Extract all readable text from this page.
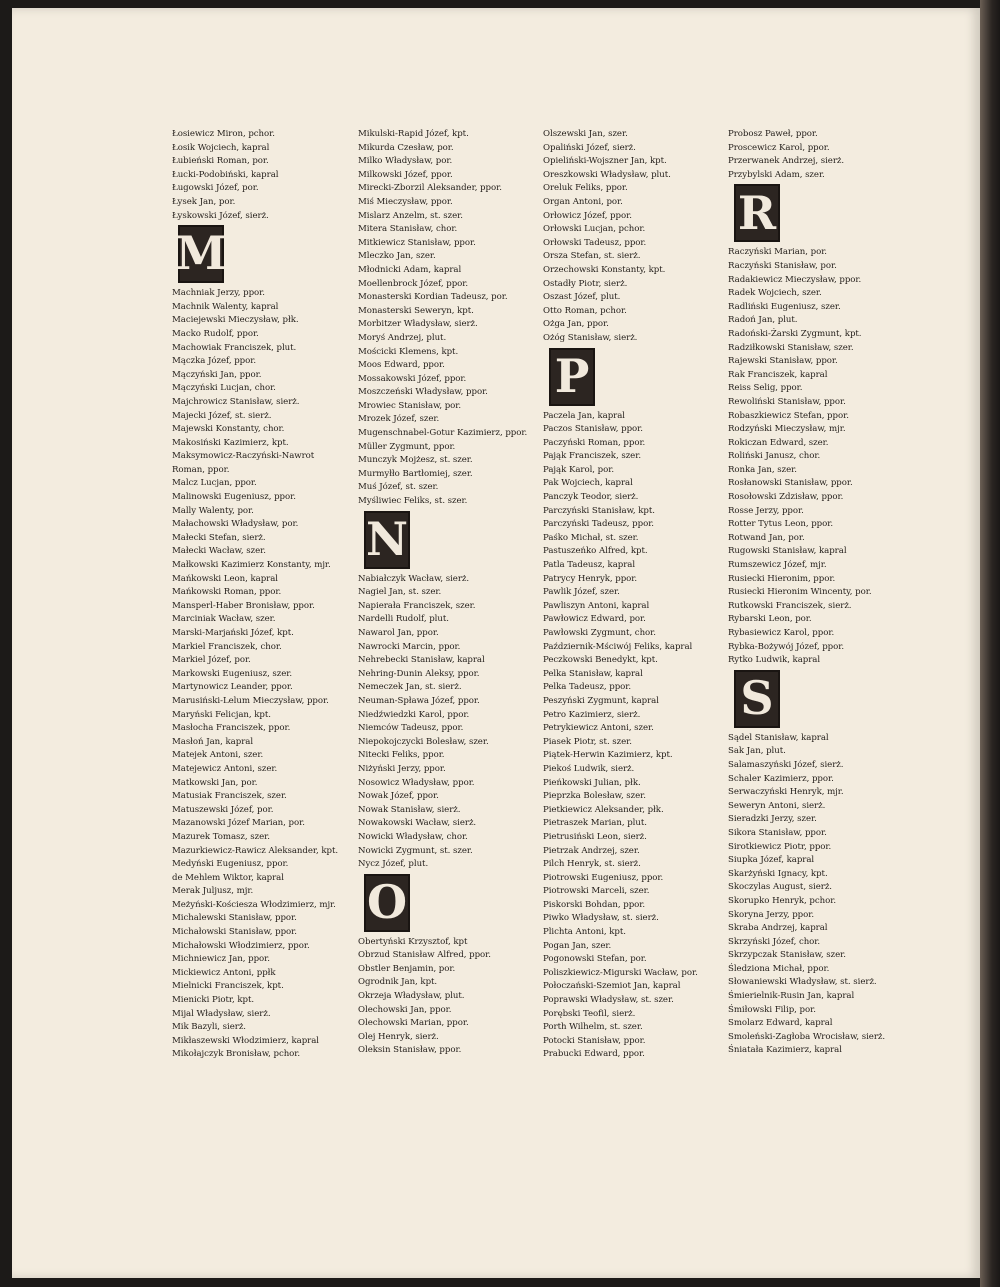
Łosiewicz Miron, pchor.
Łosik Wojciech, kapral
Łubieński Roman, por.
Łucki-Podobiński, kapral
Ługowski Józef, por.
Łysek Jan, por.
Łyskowski Józef, sierż.
M
Machniak Jerzy, ppor.
Machnik Walenty, kapral
Maciejewski Mieczysław, płk.
Macko Rudolf, ppor.
Machowiak Franciszek, plut.
Mączka Józef, ppor.
Mączyński Jan, ppor.
Mączyński Lucjan, chor.
Majchrowicz Stanisław, sierż.
Majecki Józef, st. sierż.
Majewski Konstanty, chor.
Makosiński Kazimierz, kpt.
Maksymowicz-Raczyński-Nawrot
Roman, ppor.
Malcz Lucjan, ppor.
Malinowski Eugeniusz, ppor.
Mally Walenty, por.
Małachowski Władysław, por.
Małecki Stefan, sierż.
Małecki Wacław, szer.
Małkowski Kazimierz Konstanty, mjr.
Mańkowski Leon, kapral
Mańkowski Roman, ppor.
Mansperl-Haber Bronisław, ppor.
Marciniak Wacław, szer.
Marski-Marjański Józef, kpt.
Markiel Franciszek, chor.
Markiel Józef, por.
Markowski Eugeniusz, szer.
Martynowicz Leander, ppor.
Marusiński-Lelum Mieczysław, ppor.
Maryński Felicjan, kpt.
Masłocha Franciszek, ppor.
Masłoń Jan, kapral
Matejek Antoni, szer.
Matejewicz Antoni, szer.
Matkowski Jan, por.
Matusiak Franciszek, szer.
Matuszewski Józef, por.
Mazanowski Józef Marian, por.
Mazurek Tomasz, szer.
Mazurkiewicz-Rawicz Aleksander, kpt.
Medyński Eugeniusz, ppor.
de Mehlem Wiktor, kapral
Merak Juljusz, mjr.
Meżyński-Kościesza Włodzimierz, mjr.
Michalewski Stanisław, ppor.
Michałowski Stanisław, ppor.
Michałowski Włodzimierz, ppor.
Michniewicz Jan, ppor.
Mickiewicz Antoni, ppłk
Mielnicki Franciszek, kpt.
Mienicki Piotr, kpt.
Mijal Władysław, sierż.
Mik Bazyli, sierż.
Mikłaszewski Włodzimierz, kapral
Mikołajczyk Bronisław, pchor.
Mikulski-Rapid Józef, kpt.
Mikurda Czesław, por.
Milko Władysław, por.
Milkowski Józef, ppor.
Mirecki-Zborzil Aleksander, ppor.
Miś Mieczysław, ppor.
Mislarz Anzelm, st. szer.
Mitera Stanisław, chor.
Mitkiewicz Stanisław, ppor.
Mleczko Jan, szer.
Młodnicki Adam, kapral
Moellenbrock Józef, ppor.
Monasterski Kordian Tadeusz, por.
Monasterski Seweryn, kpt.
Morbitzer Władysław, sierż.
Moryś Andrzej, plut.
Mościcki Klemens, kpt.
Moos Edward, ppor.
Mossakowski Józef, ppor.
Moszczeński Władysław, ppor.
Mrowiec Stanisław, por.
Mrozek Józef, szer.
Mugenschnabel-Gotur Kazimierz, ppor.
Müller Zygmunt, ppor.
Munczyk Mojżesz, st. szer.
Murmyłło Bartłomiej, szer.
Muś Józef, st. szer.
Myśliwiec Feliks, st. szer.
N
Nabiałczyk Wacław, sierż.
Nagiel Jan, st. szer.
Napierała Franciszek, szer.
Nardelli Rudolf, plut.
Nawarol Jan, ppor.
Nawrocki Marcin, ppor.
Nehrebecki Stanisław, kapral
Nehring-Dunin Aleksy, ppor.
Nemeczek Jan, st. sierż.
Neuman-Spława Józef, ppor.
Niedźwiedzki Karol, ppor.
Niemców Tadeusz, ppor.
Niepokojczycki Bolesław, szer.
Nitecki Feliks, ppor.
Niżyński Jerzy, ppor.
Nosowicz Władysław, ppor.
Nowak Józef, ppor.
Nowak Stanisław, sierż.
Nowakowski Wacław, sierż.
Nowicki Władysław, chor.
Nowicki Zygmunt, st. szer.
Nycz Józef, plut.
O
Obertyński Krzysztof, kpt
Obrzud Stanisław Alfred, ppor.
Obstler Benjamin, por.
Ogrodnik Jan, kpt.
Okrzeja Władysław, plut.
Olechowski Jan, ppor.
Olechowski Marian, ppor.
Olej Henryk, sierż.
Oleksin Stanisław, ppor.
Olszewski Jan, szer.
Opaliński Józef, sierż.
Opieliński-Wojszner Jan, kpt.
Oreszkowski Władysław, plut.
Oreluk Feliks, ppor.
Organ Antoni, por.
Orłowicz Józef, ppor.
Orłowski Lucjan, pchor.
Orłowski Tadeusz, ppor.
Orsza Stefan, st. sierż.
Orzechowski Konstanty, kpt.
Ostadły Piotr, sierż.
Oszast Józef, plut.
Otto Roman, pchor.
Ożga Jan, ppor.
Ożóg Stanisław, sierż.
P
Paczela Jan, kapral
Paczos Stanisław, ppor.
Paczyński Roman, ppor.
Pająk Franciszek, szer.
Pająk Karol, por.
Pak Wojciech, kapral
Panczyk Teodor, sierż.
Parczyński Stanisław, kpt.
Parczyński Tadeusz, ppor.
Paśko Michał, st. szer.
Pastuszeńko Alfred, kpt.
Patla Tadeusz, kapral
Patrycy Henryk, ppor.
Pawlik Józef, szer.
Pawliszyn Antoni, kapral
Pawłowicz Edward, por.
Pawłowski Zygmunt, chor.
Październik-Mściwój Feliks, kapral
Peczkowski Benedykt, kpt.
Pelka Stanisław, kapral
Pelka Tadeusz, ppor.
Peszyński Zygmunt, kapral
Petro Kazimierz, sierż.
Petrykiewicz Antoni, szer.
Piasek Piotr, st. szer.
Piątek-Herwin Kazimierz, kpt.
Piekoś Ludwik, sierż.
Pieńkowski Julian, płk.
Pieprzka Bolesław, szer.
Pietkiewicz Aleksander, płk.
Pietraszek Marian, plut.
Pietrusiński Leon, sierż.
Pietrzak Andrzej, szer.
Pilch Henryk, st. sierż.
Piotrowski Eugeniusz, ppor.
Piotrowski Marceli, szer.
Piskorski Bohdan, ppor.
Piwko Władysław, st. sierż.
Plichta Antoni, kpt.
Pogan Jan, szer.
Pogonowski Stefan, por.
Poliszkiewicz-Migurski Wacław, por.
Połoczański-Szemiot Jan, kapral
Poprawski Władysław, st. szer.
Porębski Teofil, sierż.
Porth Wilhelm, st. szer.
Potocki Stanisław, ppor.
Prabucki Edward, ppor.
Probosz Paweł, ppor.
Proscewicz Karol, ppor.
Przerwanek Andrzej, sierż.
Przybylski Adam, szer.
R
Raczyński Marian, por.
Raczyński Stanisław, por.
Radakiewicz Mieczysław, ppor.
Radek Wojciech, szer.
Radliński Eugeniusz, szer.
Radoń Jan, plut.
Radoński-Żarski Zygmunt, kpt.
Radziłkowski Stanisław, szer.
Rajewski Stanisław, ppor.
Rak Franciszek, kapral
Reiss Selig, ppor.
Rewoliński Stanisław, ppor.
Robaszkiewicz Stefan, ppor.
Rodzyński Mieczysław, mjr.
Rokiczan Edward, szer.
Roliński Janusz, chor.
Ronka Jan, szer.
Rosłanowski Stanisław, ppor.
Rosołowski Zdzisław, ppor.
Rosse Jerzy, ppor.
Rotter Tytus Leon, ppor.
Rotwand Jan, por.
Rugowski Stanisław, kapral
Rumszewicz Józef, mjr.
Rusiecki Hieronim, ppor.
Rusiecki Hieronim Wincenty, por.
Rutkowski Franciszek, sierż.
Rybarski Leon, por.
Rybasiewicz Karol, ppor.
Rybka-Bożywój Józef, ppor.
Rytko Ludwik, kapral
S
Sądel Stanisław, kapral
Sak Jan, plut.
Salamaszyński Józef, sierż.
Schaler Kazimierz, ppor.
Serwaczyński Henryk, mjr.
Seweryn Antoni, sierż.
Sieradzki Jerzy, szer.
Sikora Stanisław, ppor.
Sirotkiewicz Piotr, ppor.
Siupka Józef, kapral
Skarżyński Ignacy, kpt.
Skoczylas August, sierż.
Skorupko Henryk, pchor.
Skoryna Jerzy, ppor.
Skraba Andrzej, kapral
Skrzyński Józef, chor.
Skrzypczak Stanisław, szer.
Śledziona Michał, ppor.
Słowaniewski Władysław, st. sierż.
Śmierielnik-Rusin Jan, kapral
Śmiłowski Filip, por.
Smolarz Edward, kapral
Smoleński-Zagłoba Wrocisław, sierż.
Śniatała Kazimierz, kapral
